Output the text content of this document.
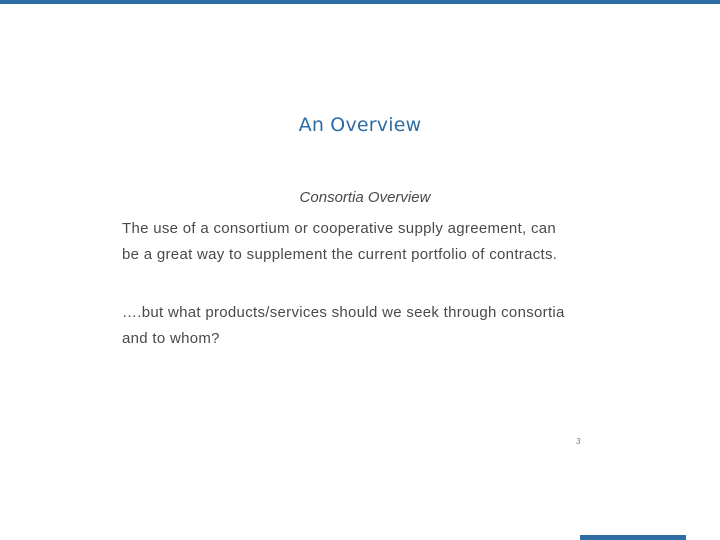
An Overview
Consortia Overview
The use of a consortium or cooperative supply agreement, can
be a great way to supplement the current portfolio of contracts.
….but what products/services should we seek through consortia
and to whom?
3
